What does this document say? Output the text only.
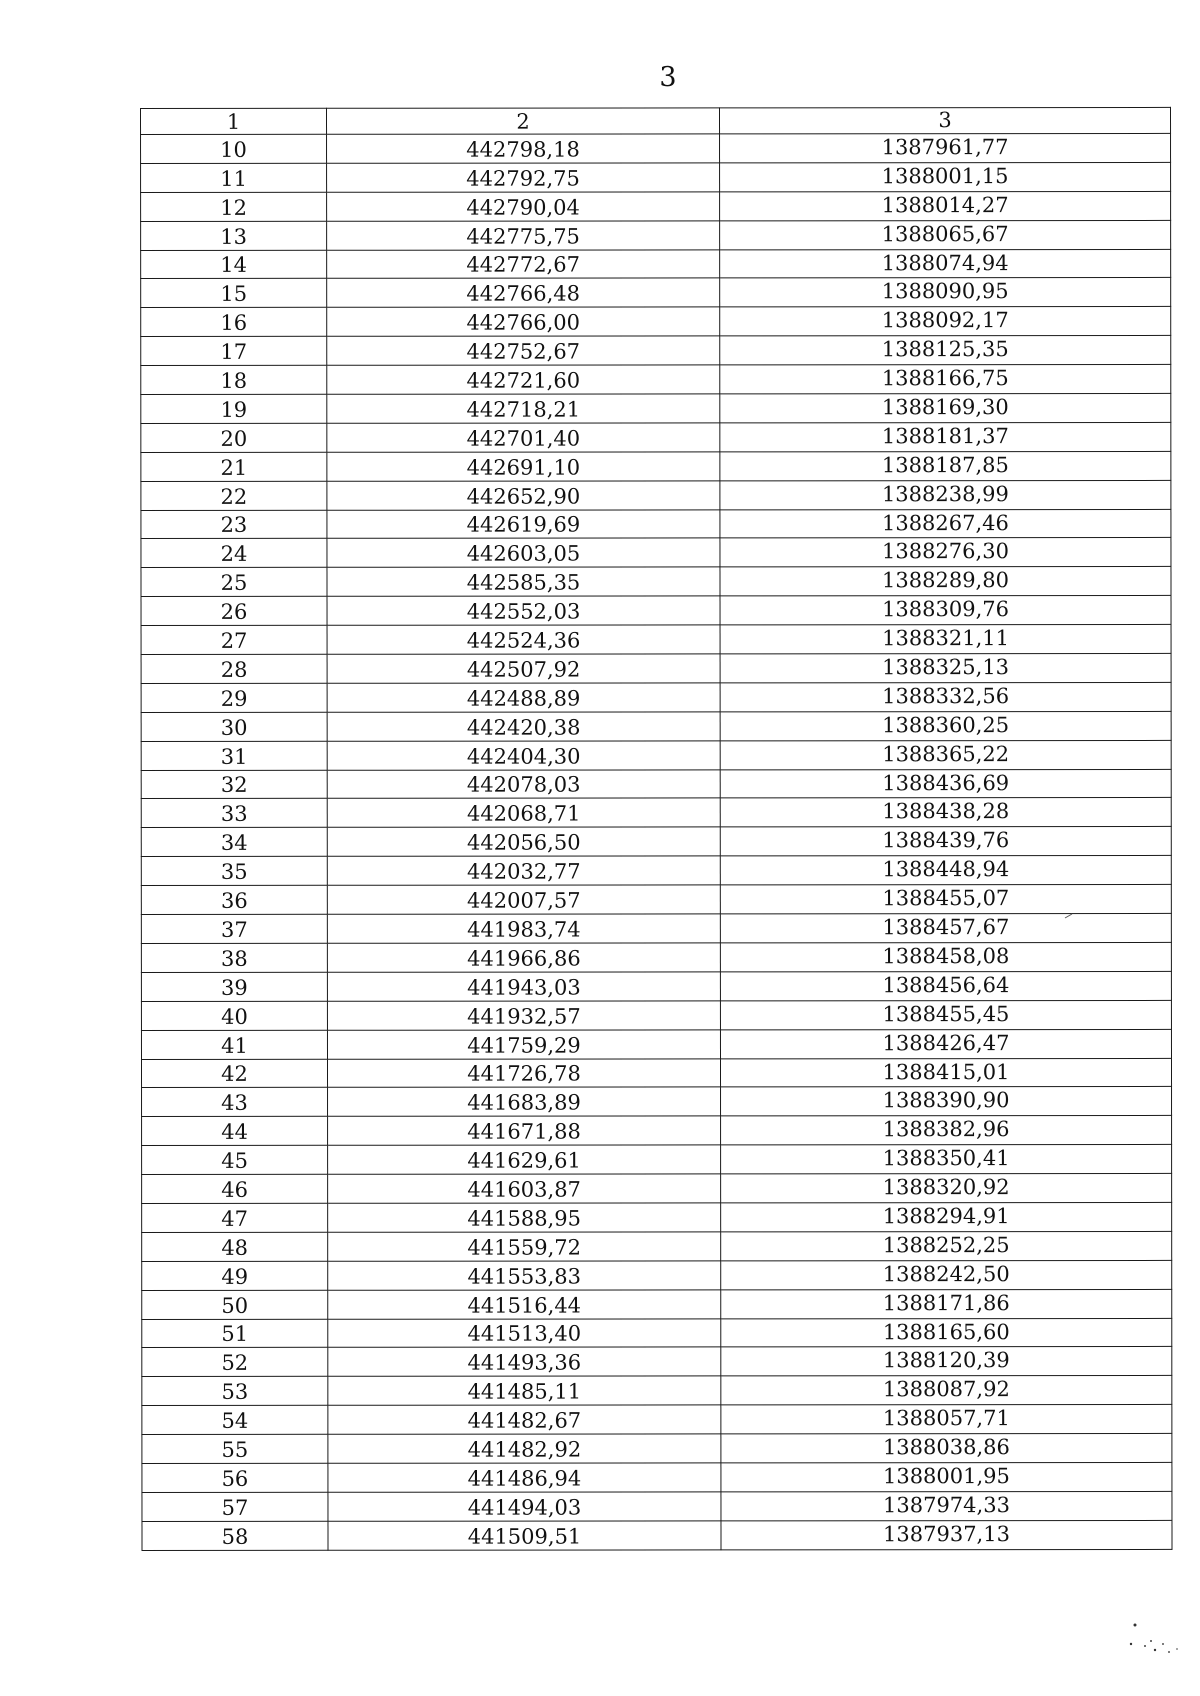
3
1	2	3
10	442798,18	1387961,77
11	442792,75	1388001,15
12	442790,04	1388014,27
13	442775,75	1388065,67
14	442772,67	1388074,94
15	442766,48	1388090,95
16	442766,00	1388092,17
17	442752,67	1388125,35
18	442721,60	1388166,75
19	442718,21	1388169,30
20	442701,40	1388181,37
21	442691,10	1388187,85
22	442652,90	1388238,99
23	442619,69	1388267,46
24	442603,05	1388276,30
25	442585,35	1388289,80
26	442552,03	1388309,76
27	442524,36	1388321,11
28	442507,92	1388325,13
29	442488,89	1388332,56
30	442420,38	1388360,25
31	442404,30	1388365,22
32	442078,03	1388436,69
33	442068,71	1388438,28
34	442056,50	1388439,76
35	442032,77	1388448,94
36	442007,57	1388455,07
37	441983,74	1388457,67
38	441966,86	1388458,08
39	441943,03	1388456,64
40	441932,57	1388455,45
41	441759,29	1388426,47
42	441726,78	1388415,01
43	441683,89	1388390,90
44	441671,88	1388382,96
45	441629,61	1388350,41
46	441603,87	1388320,92
47	441588,95	1388294,91
48	441559,72	1388252,25
49	441553,83	1388242,50
50	441516,44	1388171,86
51	441513,40	1388165,60
52	441493,36	1388120,39
53	441485,11	1388087,92
54	441482,67	1388057,71
55	441482,92	1388038,86
56	441486,94	1388001,95
57	441494,03	1387974,33
58	441509,51	1387937,13
